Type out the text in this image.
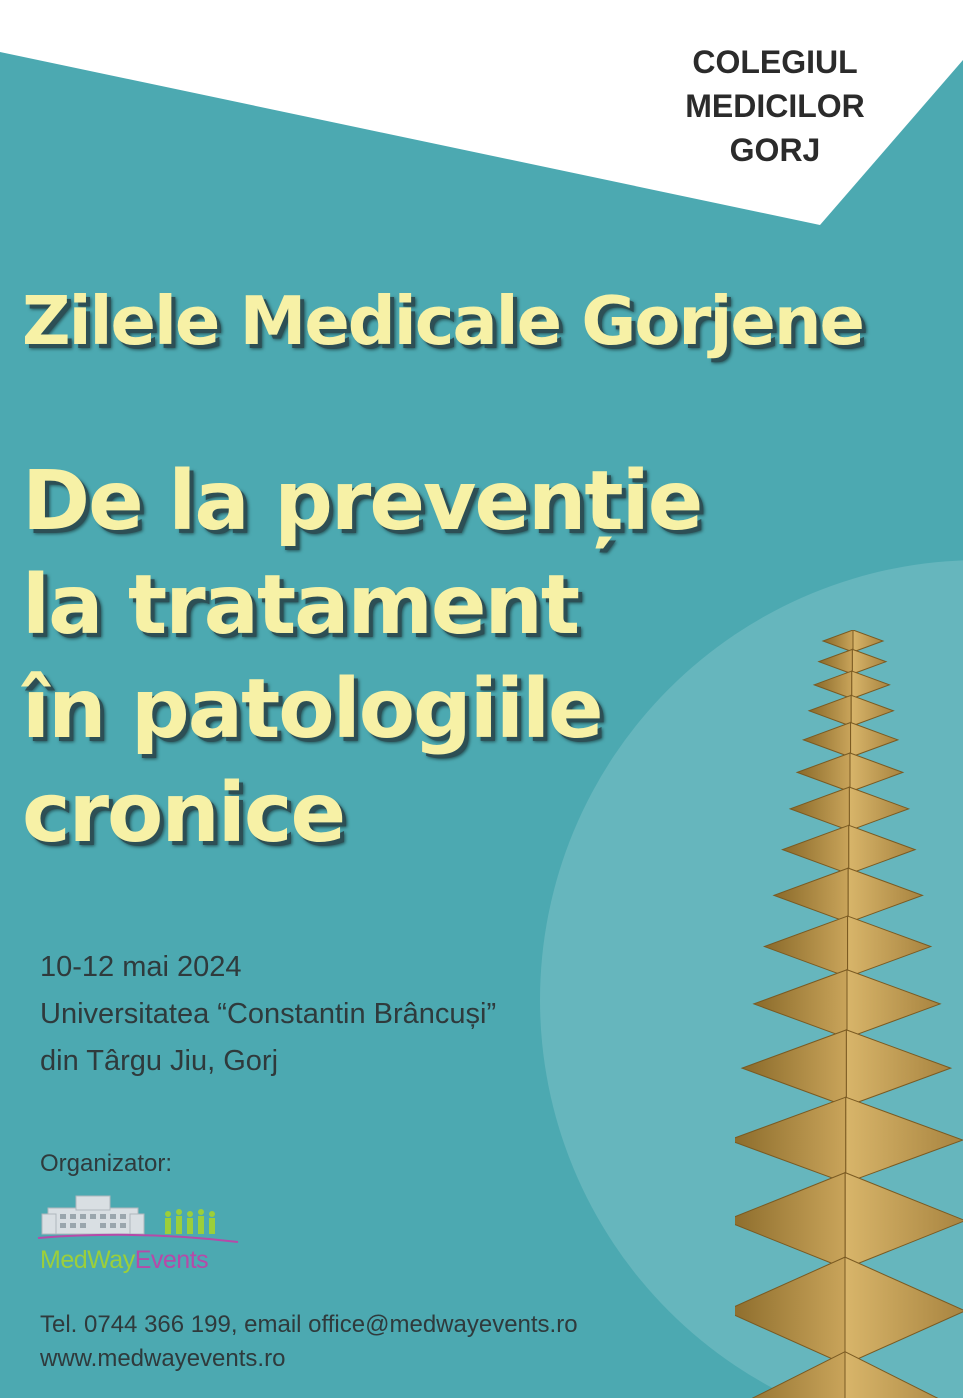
COLEGIUL
MEDICILOR
GORJ
Zilele Medicale Gorjene
De la prevenție
la tratament
în patologiile
cronice
10-12 mai 2024
Universitatea “Constantin Brâncuși”
din Târgu Jiu, Gorj
Organizator:
MedWayEvents
Tel. 0744 366 199, email office@medwayevents.ro
www.medwayevents.ro
